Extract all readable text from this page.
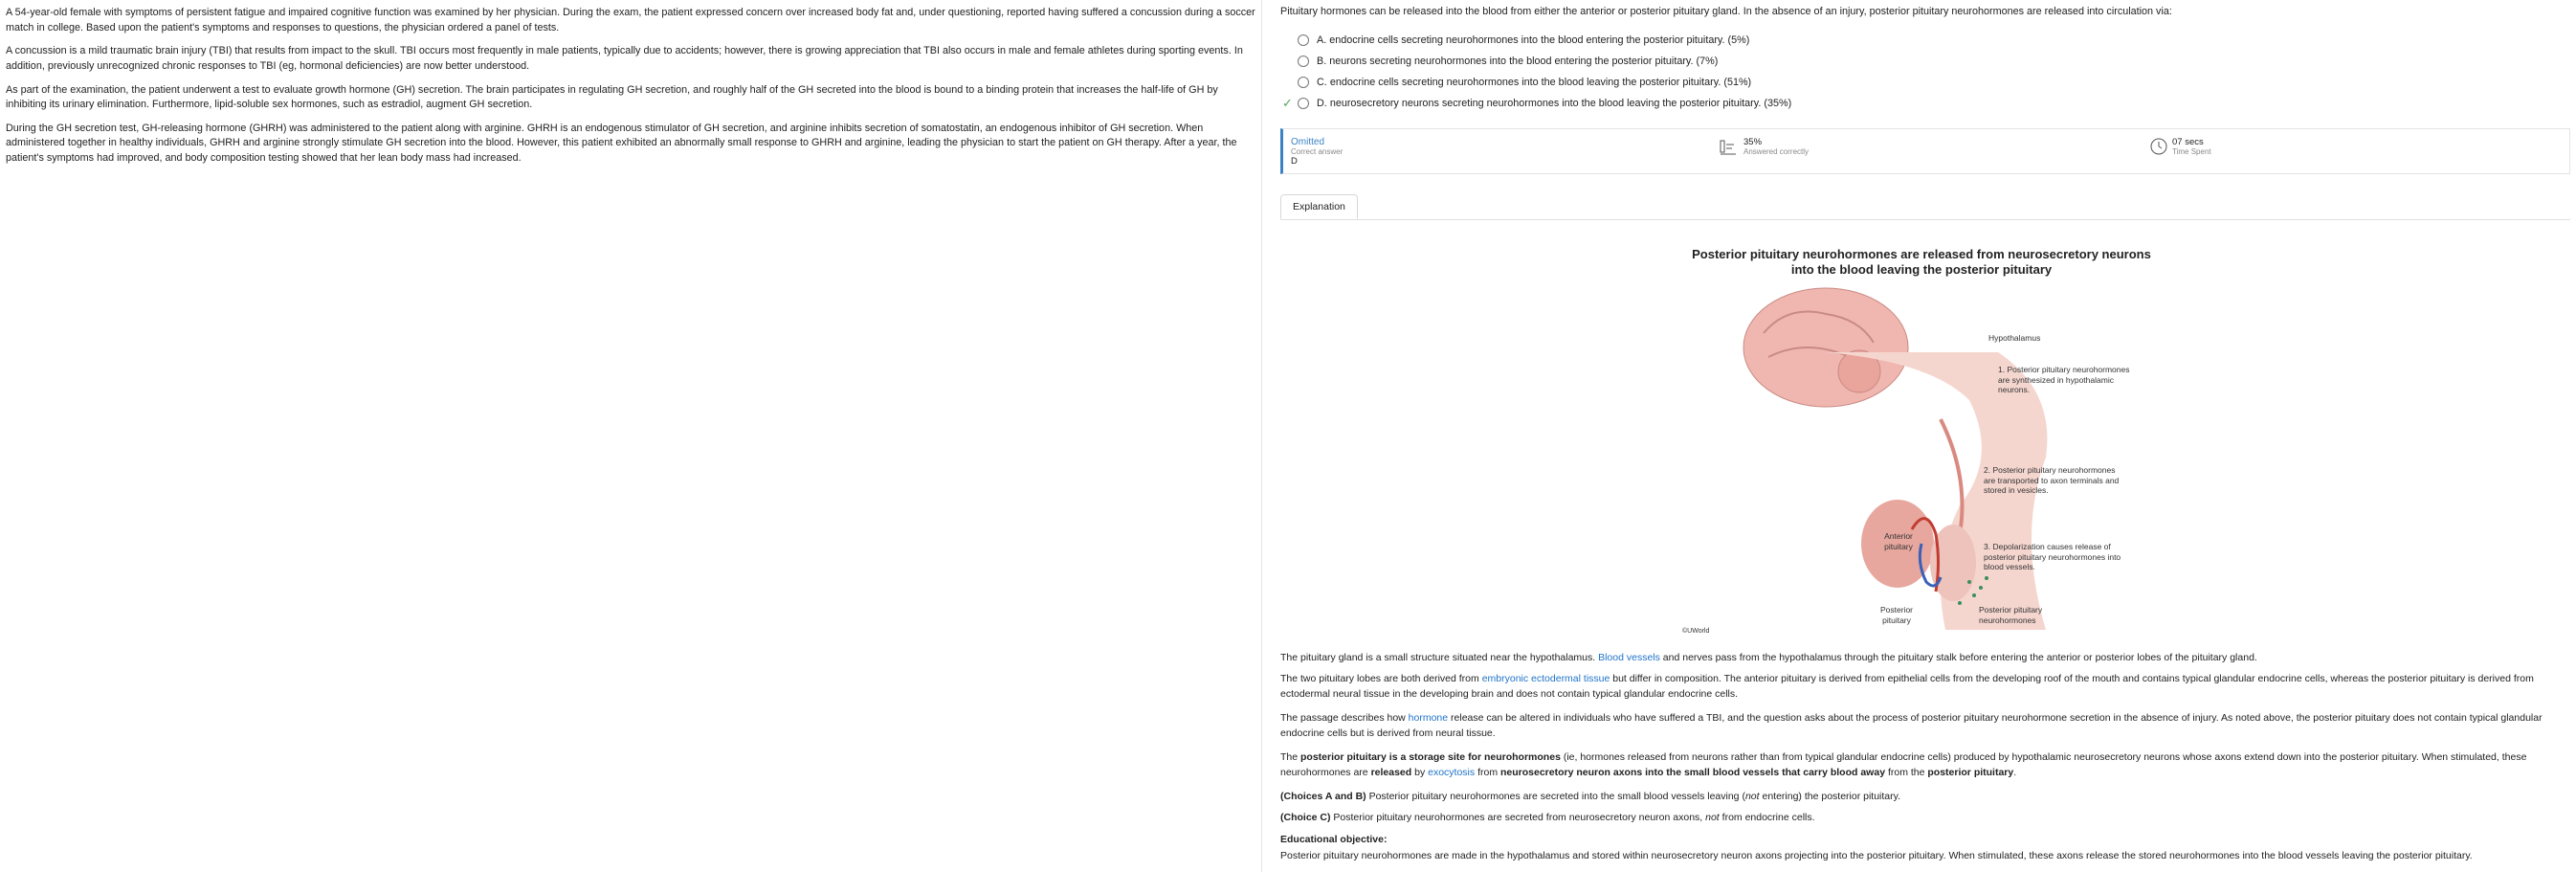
A 54-year-old female with symptoms of persistent fatigue and impaired cognitive function was examined by her physician. During the exam, the patient expressed concern over increased body fat and, under questioning, reported having suffered a concussion during a soccer match in college. Based upon the patient's symptoms and responses to questions, the physician ordered a panel of tests.

A concussion is a mild traumatic brain injury (TBI) that results from impact to the skull. TBI occurs most frequently in male patients, typically due to accidents; however, there is growing appreciation that TBI also occurs in male and female athletes during sporting events. In addition, previously unrecognized chronic responses to TBI (eg, hormonal deficiencies) are now better understood.

As part of the examination, the patient underwent a test to evaluate growth hormone (GH) secretion. The brain participates in regulating GH secretion, and roughly half of the GH secreted into the blood is bound to a binding protein that increases the half-life of GH by inhibiting its urinary elimination. Furthermore, lipid-soluble sex hormones, such as estradiol, augment GH secretion.

During the GH secretion test, GH-releasing hormone (GHRH) was administered to the patient along with arginine. GHRH is an endogenous stimulator of GH secretion, and arginine inhibits secretion of somatostatin, an endogenous inhibitor of GH secretion. When administered together in healthy individuals, GHRH and arginine strongly stimulate GH secretion into the blood. However, this patient exhibited an abnormally small response to GHRH and arginine, leading the physician to start the patient on GH therapy. After a year, the patient's symptoms had improved, and body composition testing showed that her lean body mass had increased.

Pituitary hormones can be released into the blood from either the anterior or posterior pituitary gland. In the absence of an injury, posterior pituitary neurohormones are released into circulation via:
A.
endocrine cells secreting neurohormones into the blood entering the posterior pituitary.
(5%)
B.
neurons secreting neurohormones into the blood entering the posterior pituitary.
(7%)
C.
endocrine cells secreting neurohormones into the blood leaving the posterior pituitary.
(51%)
✓ D.
neurosecretory neurons secreting neurohormones into the blood leaving the posterior pituitary.
(35%)
Omitted
Correct answer
D
35%
Answered correctly
07 secs
Time Spent
Explanation
Posterior pituitary neurohormones are released from neurosecretory neurons into the blood leaving the posterior pituitary
Hypothalamus
1. Posterior pituitary neurohormones are synthesized in hypothalamic neurons.
2. Posterior pituitary neurohormones are transported to axon terminals and stored in vesicles.
3. Depolarization causes release of posterior pituitary neurohormones into blood vessels.
Anterior pituitary
Posterior pituitary
Posterior pituitary neurohormones
©UWorld
The pituitary gland is a small structure situated near the hypothalamus. Blood vessels and nerves pass from the hypothalamus through the pituitary stalk before entering the anterior or posterior lobes of the pituitary gland.
The two pituitary lobes are both derived from embryonic ectodermal tissue but differ in composition. The anterior pituitary is derived from epithelial cells from the developing roof of the mouth and contains typical glandular endocrine cells, whereas the posterior pituitary is derived from ectodermal neural tissue in the developing brain and does not contain typical glandular endocrine cells.
The passage describes how hormone release can be altered in individuals who have suffered a TBI, and the question asks about the process of posterior pituitary neurohormone secretion in the absence of injury. As noted above, the posterior pituitary does not contain typical glandular endocrine cells but is derived from neural tissue.
The posterior pituitary is a storage site for neurohormones (ie, hormones released from neurons rather than from typical glandular endocrine cells) produced by hypothalamic neurosecretory neurons whose axons extend down into the posterior pituitary. When stimulated, these neurohormones are released by exocytosis from neurosecretory neuron axons into the small blood vessels that carry blood away from the posterior pituitary.
(Choices A and B) Posterior pituitary neurohormones are secreted into the small blood vessels leaving (not entering) the posterior pituitary.
(Choice C) Posterior pituitary neurohormones are secreted from neurosecretory neuron axons, not from endocrine cells.
Educational objective:
Posterior pituitary neurohormones are made in the hypothalamus and stored within neurosecretory neuron axons projecting into the posterior pituitary. When stimulated, these axons release the stored neurohormones into the blood vessels leaving the posterior pituitary.
